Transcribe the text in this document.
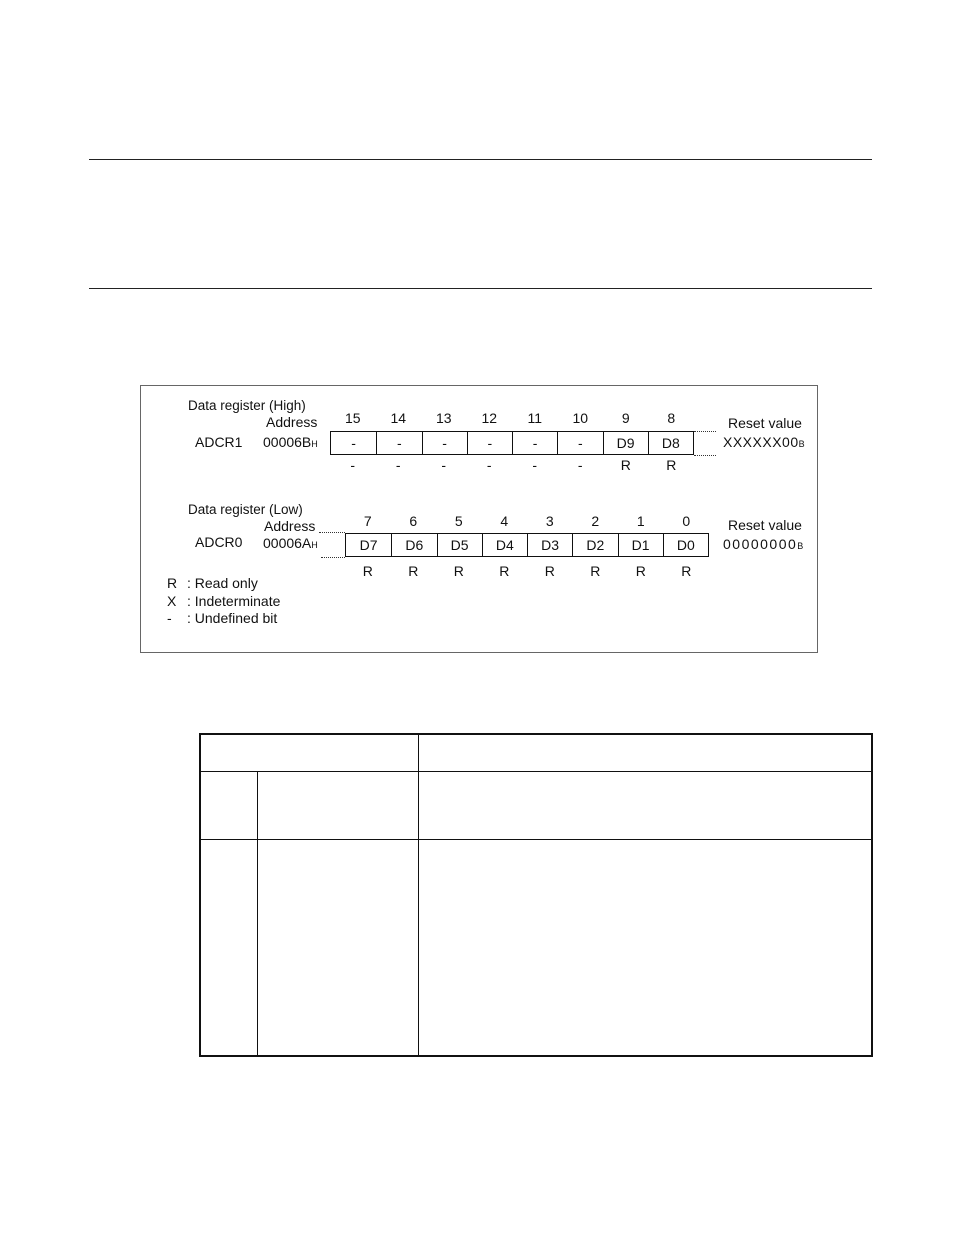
Data register (High)
Address
ADCR1 00006BH
15	14	13	12	11	10	9	8
-	-	-	-	-	-	D9	D8
-	-	-	-	-	-	R	R
Reset value
XXXXXX00B
Data register (Low)
Address
ADCR0 00006AH
7	6	5	4	3	2	1	0
D7	D6	D5	D4	D3	D2	D1	D0
R	R	R	R	R	R	R	R
Reset value
00000000B
R : Read only
X : Indeterminate
- : Undefined bit
